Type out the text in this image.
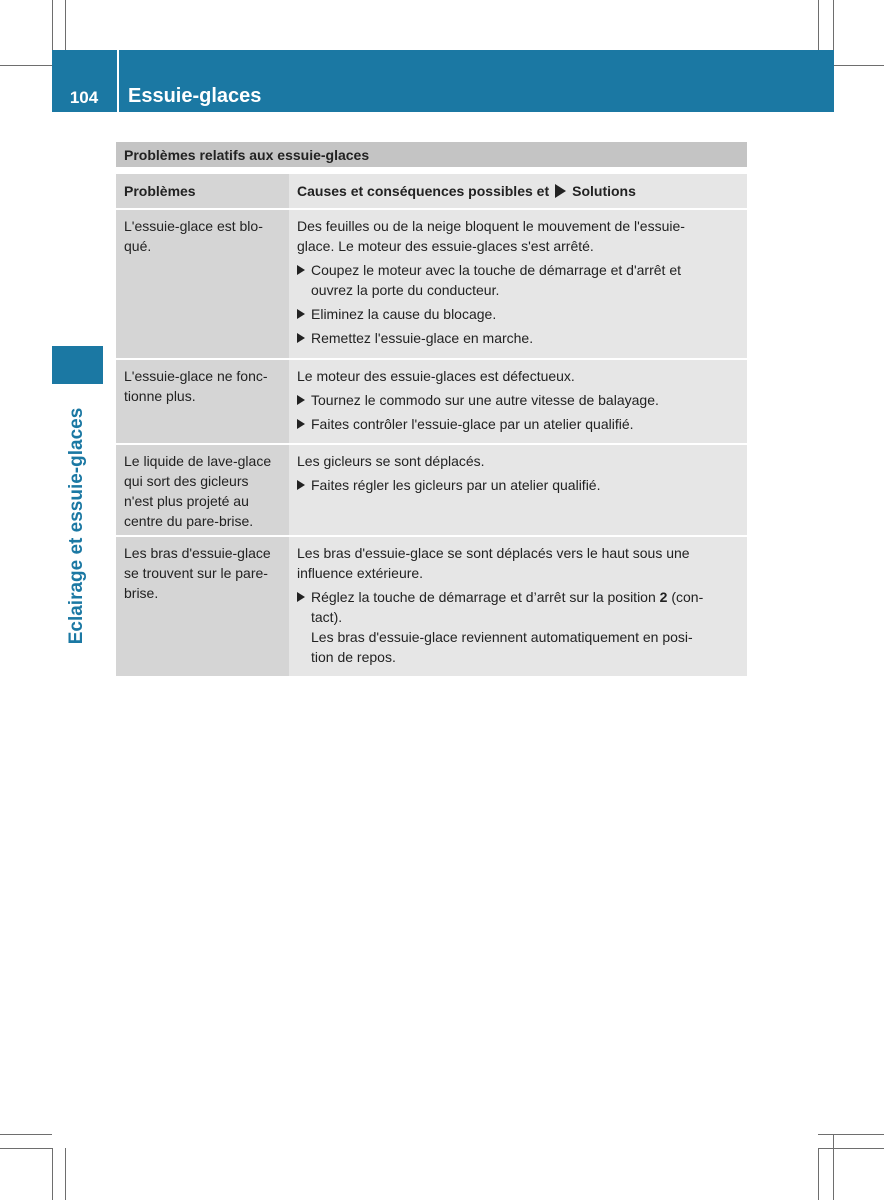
104	Essuie-glaces
Eclairage et essuie-glaces
Problèmes relatifs aux essuie-glaces
Problèmes	Causes et conséquences possibles et Solutions
L'essuie-glace est blo-
qué.
Des feuilles ou de la neige bloquent le mouvement de l'essuie-
glace. Le moteur des essuie-glaces s'est arrêté.
Coupez le moteur avec la touche de démarrage et d'arrêt et
ouvrez la porte du conducteur.
Eliminez la cause du blocage.
Remettez l'essuie-glace en marche.
L'essuie-glace ne fonc-
tionne plus.
Le moteur des essuie-glaces est défectueux.
Tournez le commodo sur une autre vitesse de balayage.
Faites contrôler l'essuie-glace par un atelier qualifié.
Le liquide de lave-glace
qui sort des gicleurs
n'est plus projeté au
centre du pare-brise.
Les gicleurs se sont déplacés.
Faites régler les gicleurs par un atelier qualifié.
Les bras d'essuie-glace
se trouvent sur le pare-
brise.
Les bras d'essuie-glace se sont déplacés vers le haut sous une
influence extérieure.
Réglez la touche de démarrage et d’arrêt sur la position 2 (con-
tact).
Les bras d'essuie-glace reviennent automatiquement en posi-
tion de repos.
